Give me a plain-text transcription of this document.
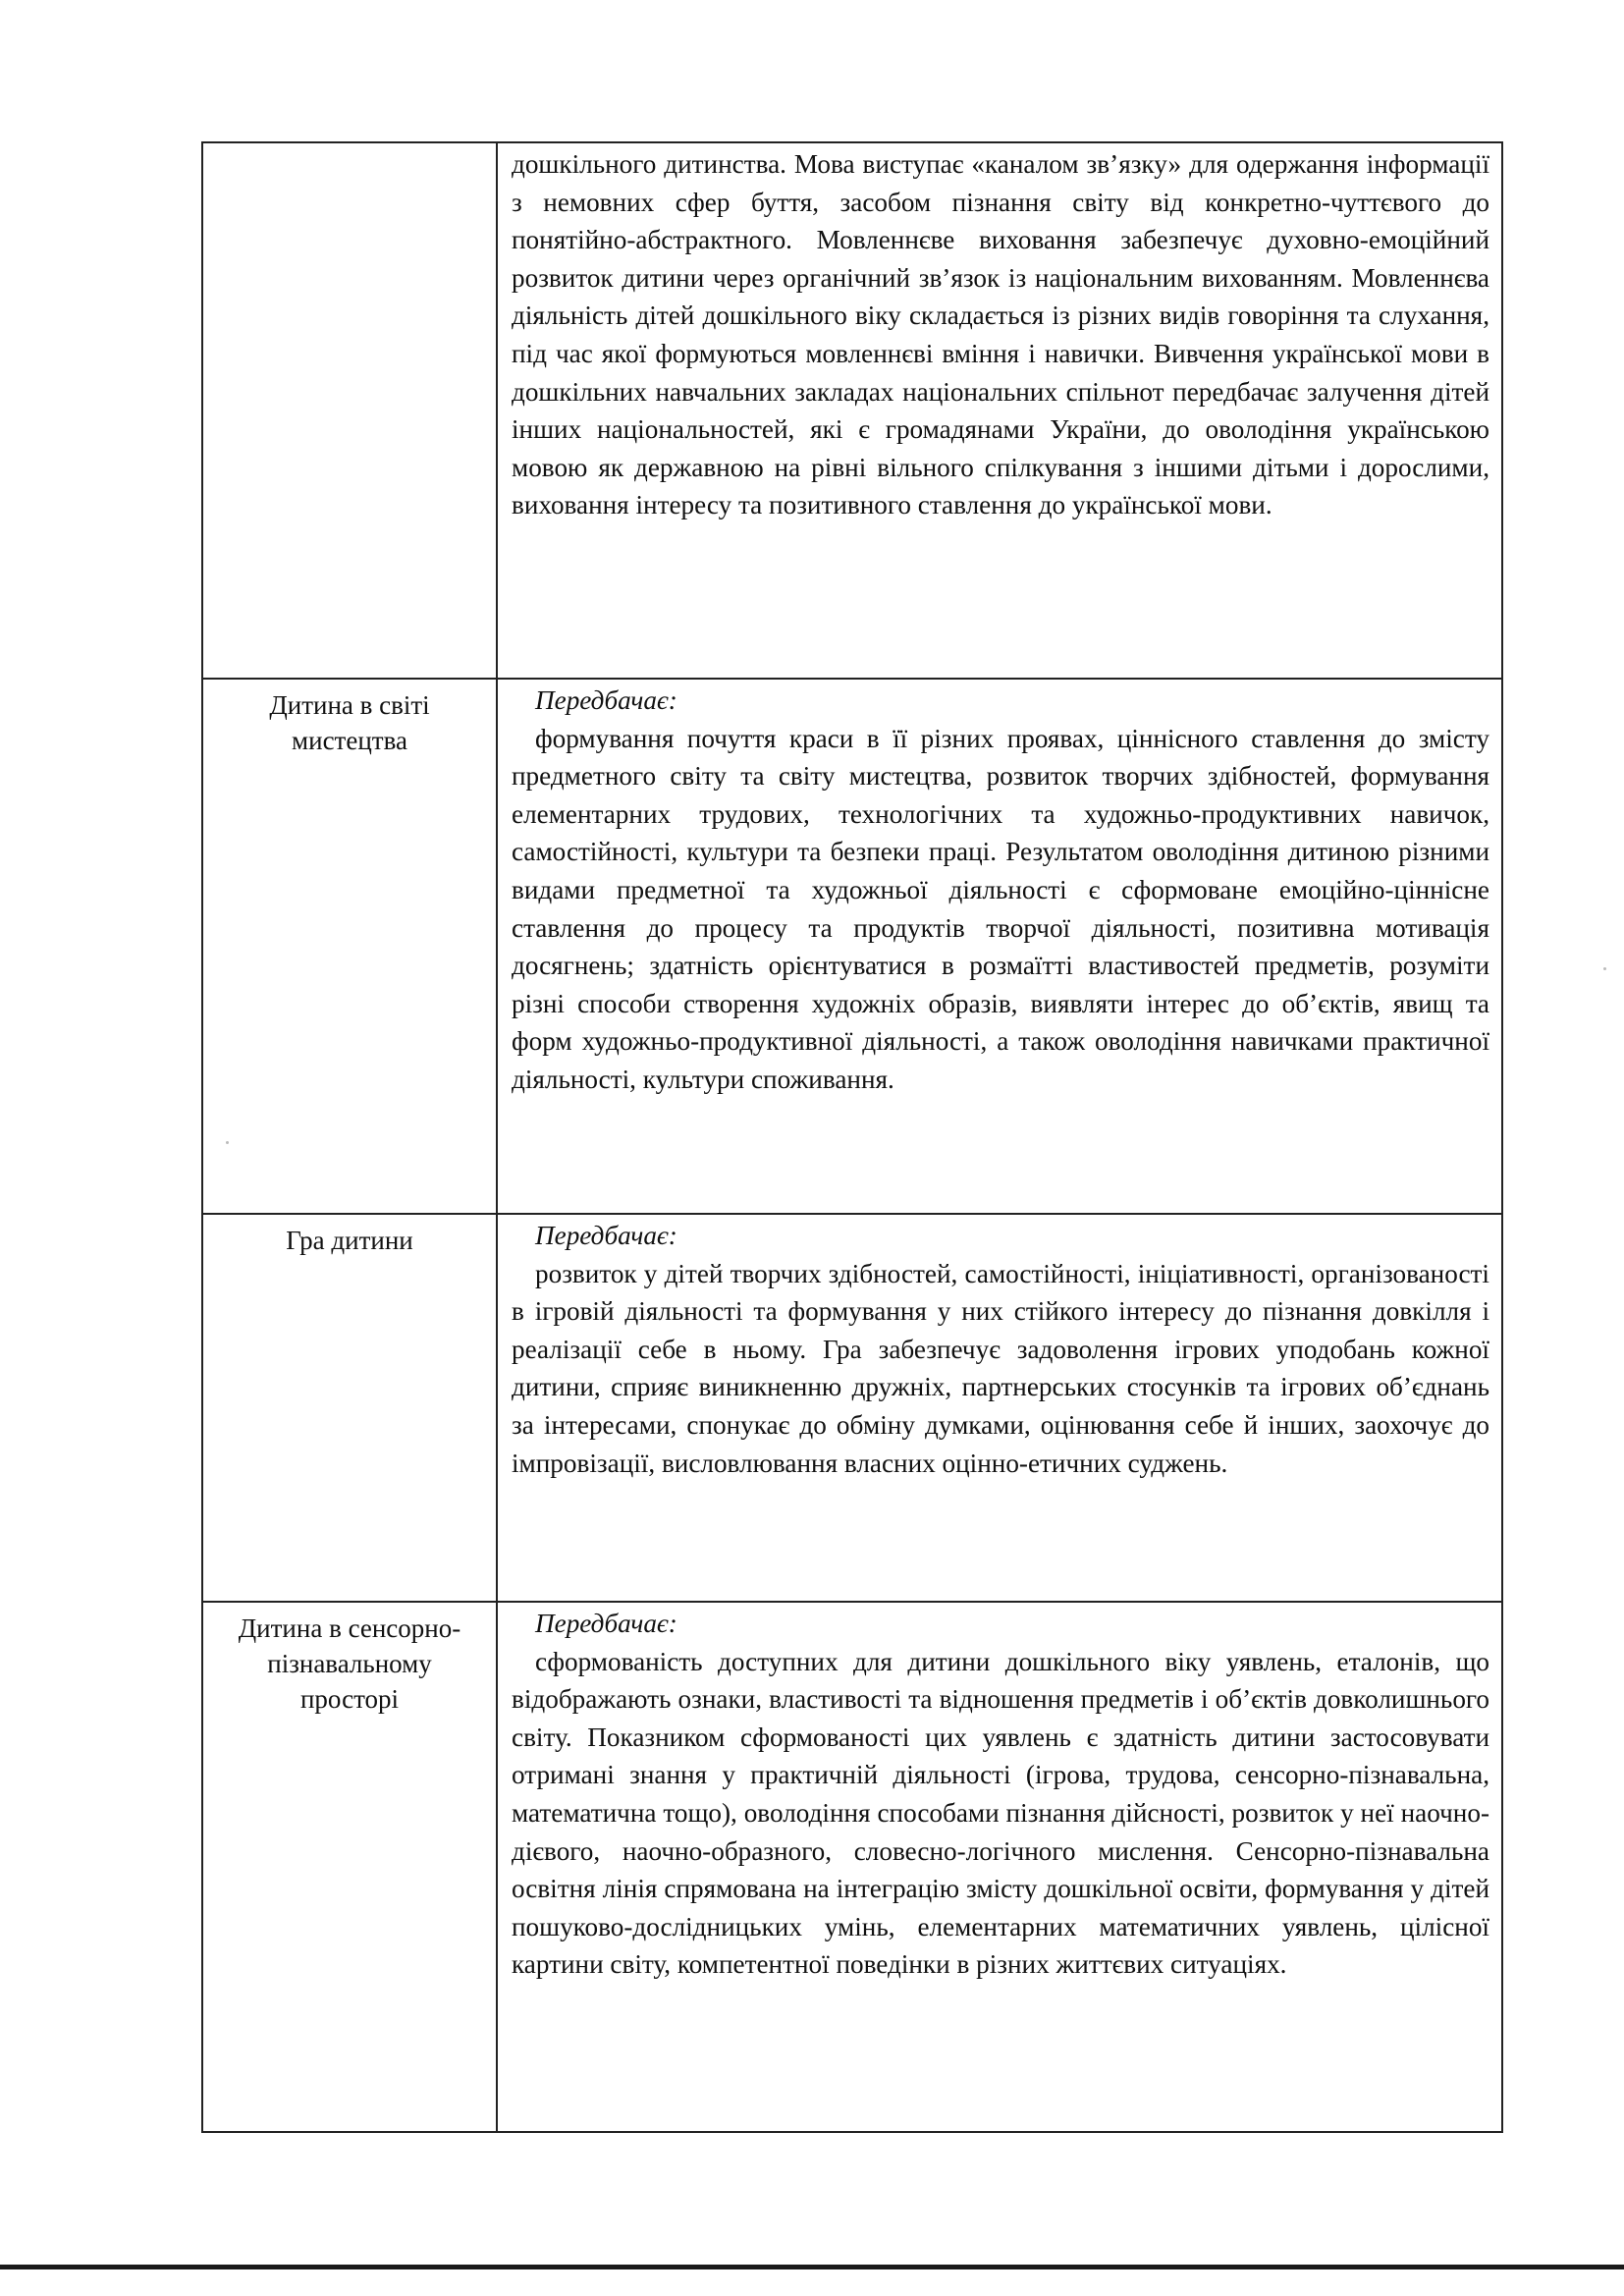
	дошкільного дитинства. Мова виступає «каналом зв’язку» для одержання інформації з немовних сфер буття, засобом пізнання світу від конкретно-чуттєвого до понятійно-абстрактного. Мовленнєве виховання забезпечує духовно-емоційний розвиток дитини через органічний зв’язок із національним вихованням. Мовленнєва діяльність дітей дошкільного віку складається із різних видів говоріння та слухання, під час якої формуються мовленнєві вміння і навички. Вивчення української мови в дошкільних навчальних закладах національних спільнот передбачає залучення дітей інших національностей, які є громадянами України, до оволодіння українською мовою як державною на рівні вільного спілкування з іншими дітьми і дорослими, виховання інтересу та позитивного ставлення до української мови.

Дитина в світі мистецтва	Передбачає:
формування почуття краси в її різних проявах, ціннісного ставлення до змісту предметного світу та світу мистецтва, розвиток творчих здібностей, формування елементарних трудових, технологічних та художньо-продуктивних навичок, самостійності, культури та безпеки праці. Результатом оволодіння дитиною різними видами предметної та художньої діяльності є сформоване емоційно-ціннісне ставлення до процесу та продуктів творчої діяльності, позитивна мотивація досягнень; здатність орієнтуватися в розмаїтті властивостей предметів, розуміти різні способи створення художніх образів, виявляти інтерес до об’єктів, явищ та форм художньо-продуктивної діяльності, а також оволодіння навичками практичної діяльності, культури споживання.

Гра дитини	Передбачає:
розвиток у дітей творчих здібностей, самостійності, ініціативності, організованості в ігровій діяльності та формування у них стійкого інтересу до пізнання довкілля і реалізації себе в ньому. Гра забезпечує задоволення ігрових уподобань кожної дитини, сприяє виникненню дружніх, партнерських стосунків та ігрових об’єднань за інтересами, спонукає до обміну думками, оцінювання себе й інших, заохочує до імпровізації, висловлювання власних оцінно-етичних суджень.

Дитина в сенсорно-пізнавальному просторі	Передбачає:
сформованість доступних для дитини дошкільного віку уявлень, еталонів, що відображають ознаки, властивості та відношення предметів і об’єктів довколишнього світу. Показником сформованості цих уявлень є здатність дитини застосовувати отримані знання у практичній діяльності (ігрова, трудова, сенсорно-пізнавальна, математична тощо), оволодіння способами пізнання дійсності, розвиток у неї наочно-дієвого, наочно-образного, словесно-логічного мислення. Сенсорно-пізнавальна освітня лінія спрямована на інтеграцію змісту дошкільної освіти, формування у дітей пошуково-дослідницьких умінь, елементарних математичних уявлень, цілісної картини світу, компетентної поведінки в різних життєвих ситуаціях.
